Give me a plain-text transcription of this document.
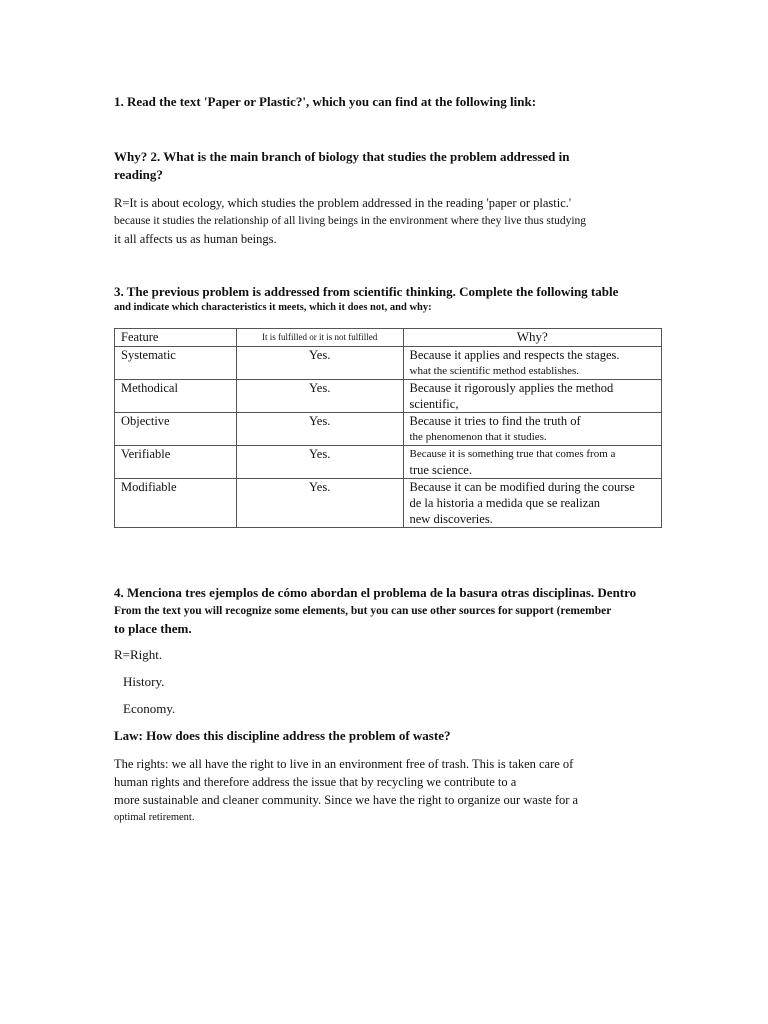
1. Read the text 'Paper or Plastic?', which you can find at the following link:
Why? 2. What is the main branch of biology that studies the problem addressed in reading?
R=It is about ecology, which studies the problem addressed in the reading 'paper or plastic.'
because it studies the relationship of all living beings in the environment where they live thus studying
it all affects us as human beings.
3. The previous problem is addressed from scientific thinking. Complete the following table
and indicate which characteristics it meets, which it does not, and why:
Feature	It is fulfilled or it is not fulfilled	Why?
Systematic	Yes.	Because it applies and respects the stages.
what the scientific method establishes.

Methodical	Yes.	Because it rigorously applies the method
scientific,

Objective	Yes.	Because it tries to find the truth of
the phenomenon that it studies.

Verifiable	Yes.	Because it is something true that comes from a
true science.

Modifiable	Yes.	Because it can be modified during the course
de la historia a medida que se realizan
new discoveries.
4. Menciona tres ejemplos de cómo abordan el problema de la basura otras disciplinas. Dentro
From the text you will recognize some elements, but you can use other sources for support (remember
to place them.
R=Right.
History.
Economy.
Law: How does this discipline address the problem of waste?
The rights: we all have the right to live in an environment free of trash. This is taken care of
human rights and therefore address the issue that by recycling we contribute to a
more sustainable and cleaner community. Since we have the right to organize our waste for a
optimal retirement.
